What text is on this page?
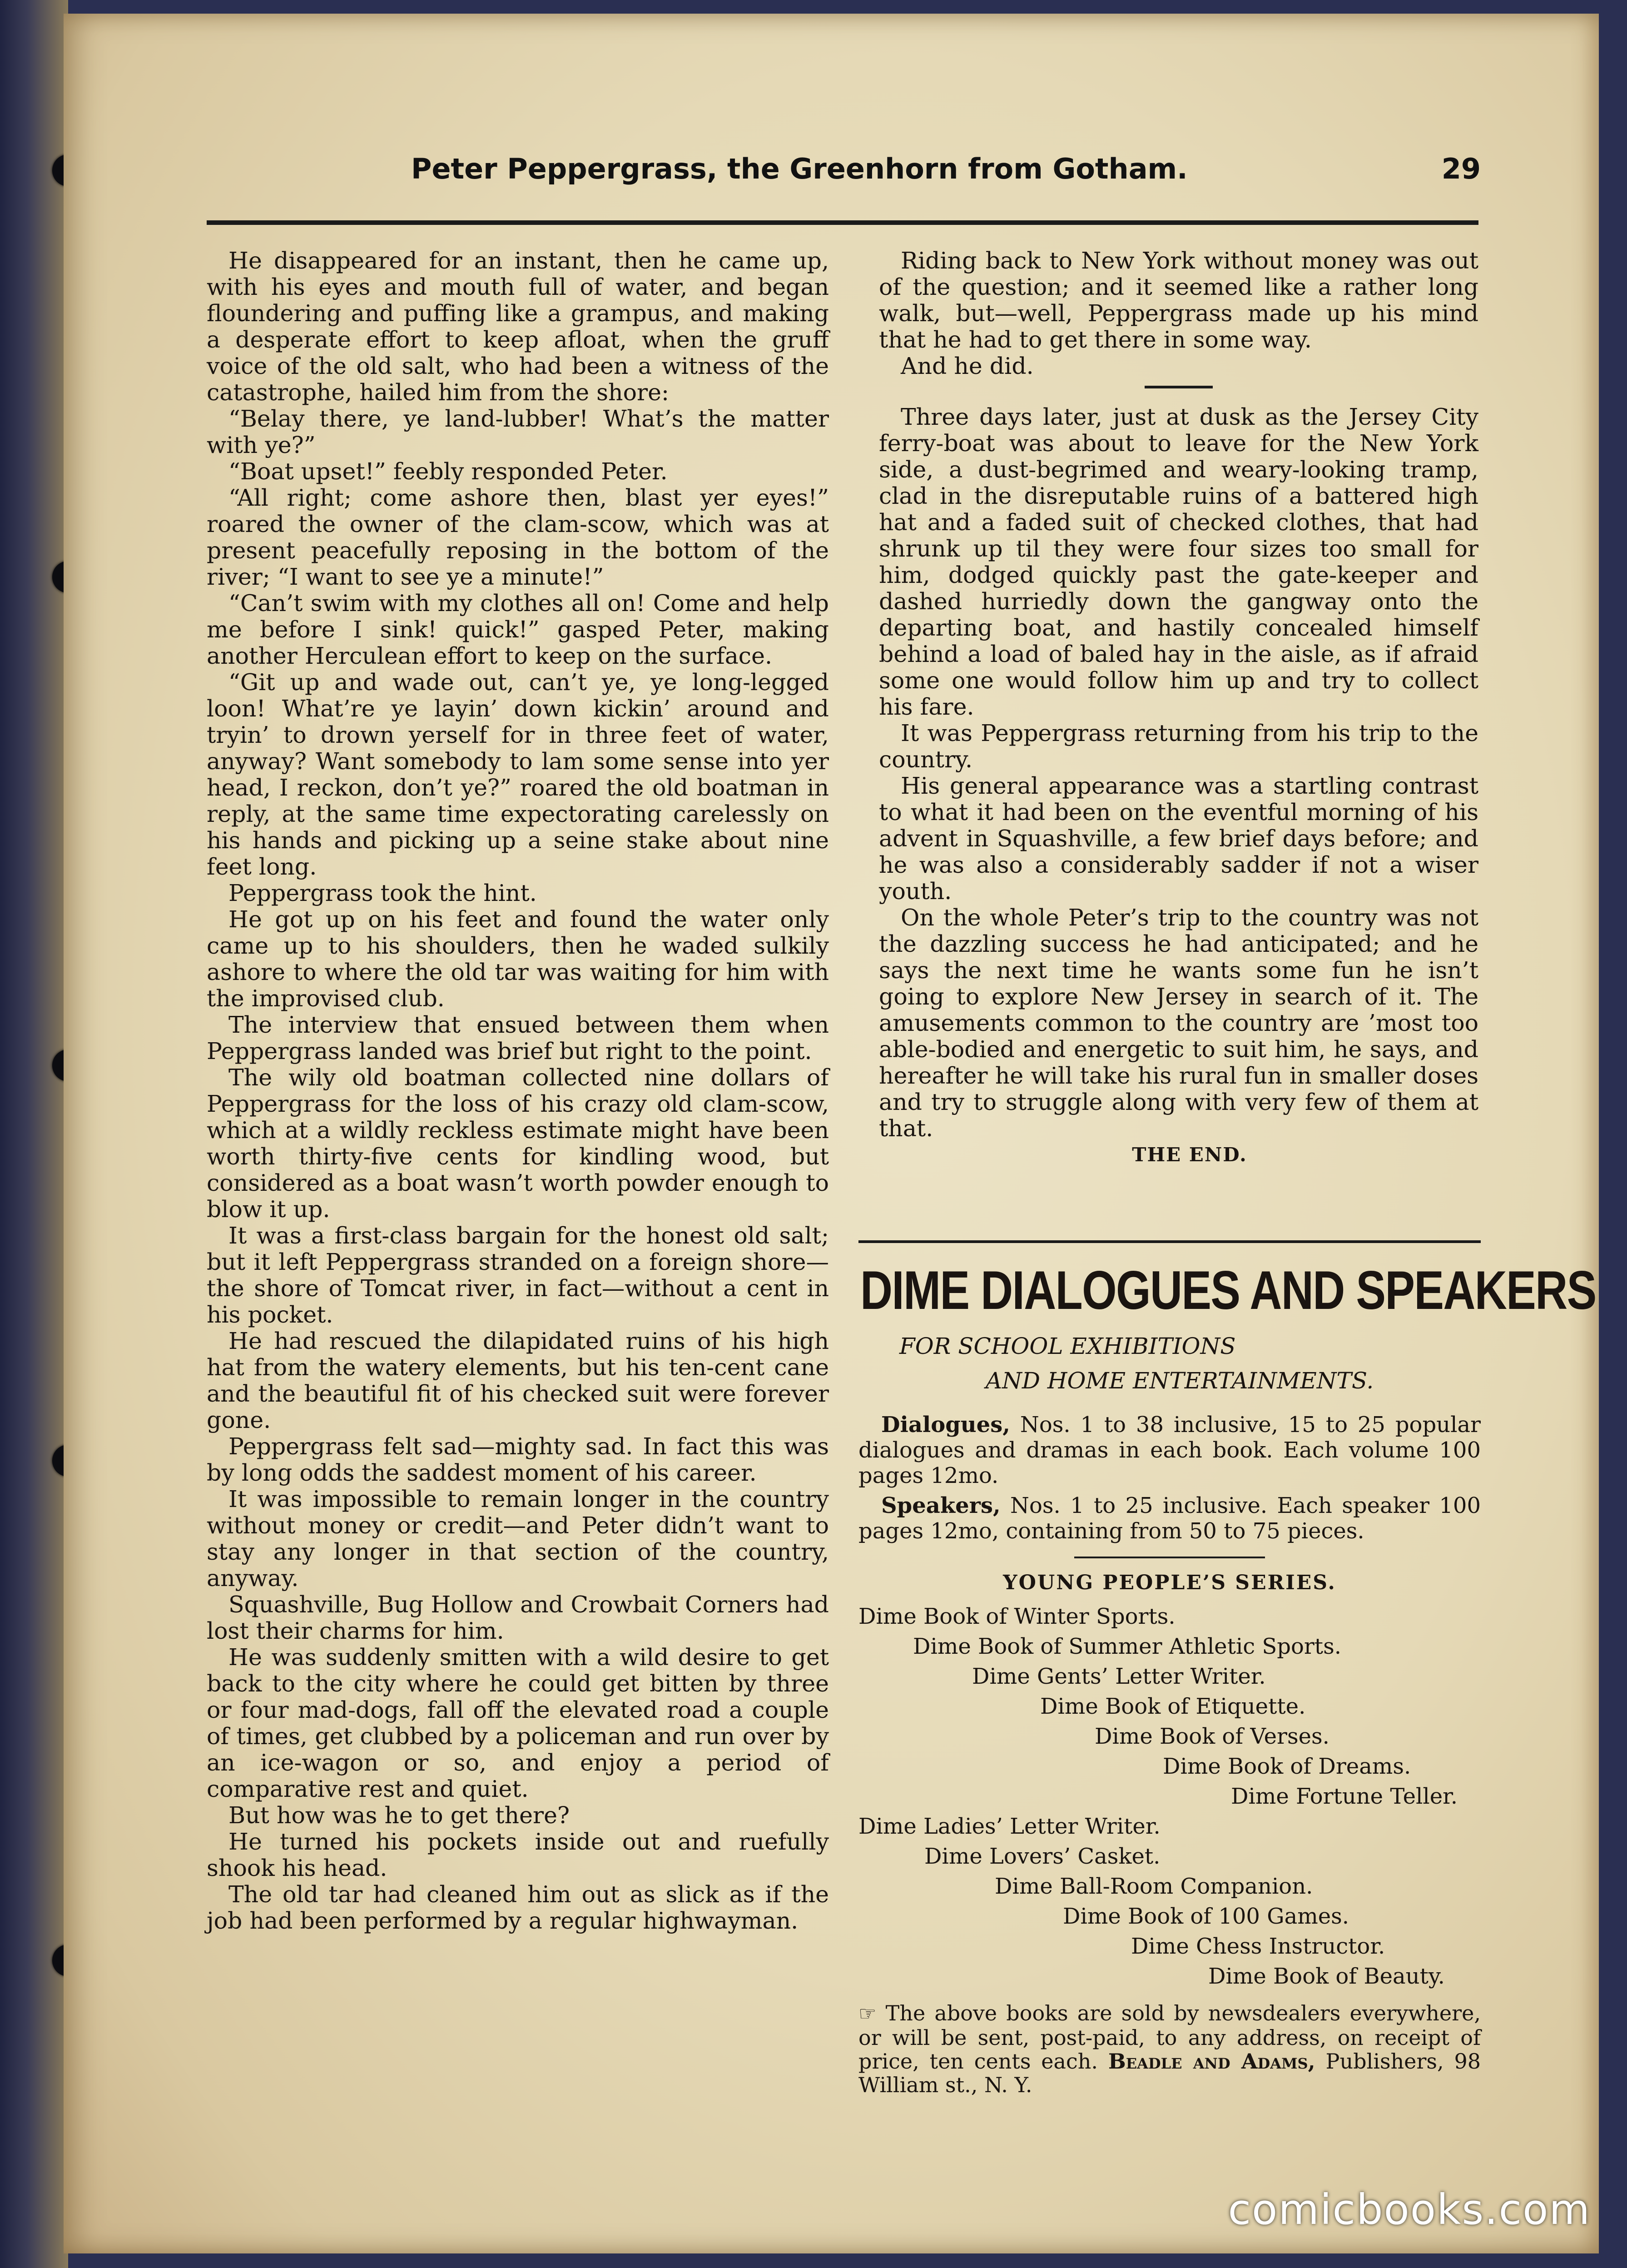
Peter Peppergrass, the Greenhorn from Gotham.	29

He disappeared for an instant, then he came up, with his eyes and mouth full of water, and began floundering and puffing like a grampus, and making a desperate effort to keep afloat, when the gruff voice of the old salt, who had been a witness of the catastrophe, hailed him from the shore:

“Belay there, ye land-lubber! What’s the matter with ye?”

“Boat upset!” feebly responded Peter.

“All right; come ashore then, blast yer eyes!” roared the owner of the clam-scow, which was at present peacefully reposing in the bottom of the river; “I want to see ye a minute!”

“Can’t swim with my clothes all on! Come and help me before I sink! quick!” gasped Peter, making another Herculean effort to keep on the surface.

“Git up and wade out, can’t ye, ye long-legged loon! What’re ye layin’ down kickin’ around and tryin’ to drown yerself for in three feet of water, anyway? Want somebody to lam some sense into yer head, I reckon, don’t ye?” roared the old boatman in reply, at the same time expectorating carelessly on his hands and picking up a seine stake about nine feet long.

Peppergrass took the hint.

He got up on his feet and found the water only came up to his shoulders, then he waded sulkily ashore to where the old tar was waiting for him with the improvised club.

The interview that ensued between them when Peppergrass landed was brief but right to the point.

The wily old boatman collected nine dollars of Peppergrass for the loss of his crazy old clam-scow, which at a wildly reckless estimate might have been worth thirty-five cents for kindling wood, but considered as a boat wasn’t worth powder enough to blow it up.

It was a first-class bargain for the honest old salt; but it left Peppergrass stranded on a foreign shore—the shore of Tomcat river, in fact—without a cent in his pocket.

He had rescued the dilapidated ruins of his high hat from the watery elements, but his ten-cent cane and the beautiful fit of his checked suit were forever gone.

Peppergrass felt sad—mighty sad. In fact this was by long odds the saddest moment of his career.

It was impossible to remain longer in the country without money or credit—and Peter didn’t want to stay any longer in that section of the country, anyway.

Squashville, Bug Hollow and Crowbait Corners had lost their charms for him.

He was suddenly smitten with a wild desire to get back to the city where he could get bitten by three or four mad-dogs, fall off the elevated road a couple of times, get clubbed by a policeman and run over by an ice-wagon or so, and enjoy a period of comparative rest and quiet.

But how was he to get there?

He turned his pockets inside out and ruefully shook his head.

The old tar had cleaned him out as slick as if the job had been performed by a regular highwayman.

Riding back to New York without money was out of the question; and it seemed like a rather long walk, but—well, Peppergrass made up his mind that he had to get there in some way.

And he did.

Three days later, just at dusk as the Jersey City ferry-boat was about to leave for the New York side, a dust-begrimed and weary-looking tramp, clad in the disreputable ruins of a battered high hat and a faded suit of checked clothes, that had shrunk up til they were four sizes too small for him, dodged quickly past the gate-keeper and dashed hurriedly down the gangway onto the departing boat, and hastily concealed himself behind a load of baled hay in the aisle, as if afraid some one would follow him up and try to collect his fare.

It was Peppergrass returning from his trip to the country.

His general appearance was a startling contrast to what it had been on the eventful morning of his advent in Squashville, a few brief days before; and he was also a considerably sadder if not a wiser youth.

On the whole Peter’s trip to the country was not the dazzling success he had anticipated; and he says the next time he wants some fun he isn’t going to explore New Jersey in search of it. The amusements common to the country are ’most too able-bodied and energetic to suit him, he says, and hereafter he will take his rural fun in smaller doses and try to struggle along with very few of them at that.

THE END.

DIME DIALOGUES AND SPEAKERS
FOR SCHOOL EXHIBITIONS
AND HOME ENTERTAINMENTS.

Dialogues, Nos. 1 to 38 inclusive, 15 to 25 popular dialogues and dramas in each book. Each volume 100 pages 12mo.

Speakers, Nos. 1 to 25 inclusive. Each speaker 100 pages 12mo, containing from 50 to 75 pieces.

YOUNG PEOPLE’S SERIES.
Dime Book of Winter Sports.
Dime Book of Summer Athletic Sports.
Dime Gents’ Letter Writer.
Dime Book of Etiquette.
Dime Book of Verses.
Dime Book of Dreams.
Dime Fortune Teller.
Dime Ladies’ Letter Writer.
Dime Lovers’ Casket.
Dime Ball-Room Companion.
Dime Book of 100 Games.
Dime Chess Instructor.
Dime Book of Beauty.

☞ The above books are sold by newsdealers everywhere, or will be sent, post-paid, to any address, on receipt of price, ten cents each. Beadle and Adams, Publishers, 98 William st., N. Y.

comicbooks.com
